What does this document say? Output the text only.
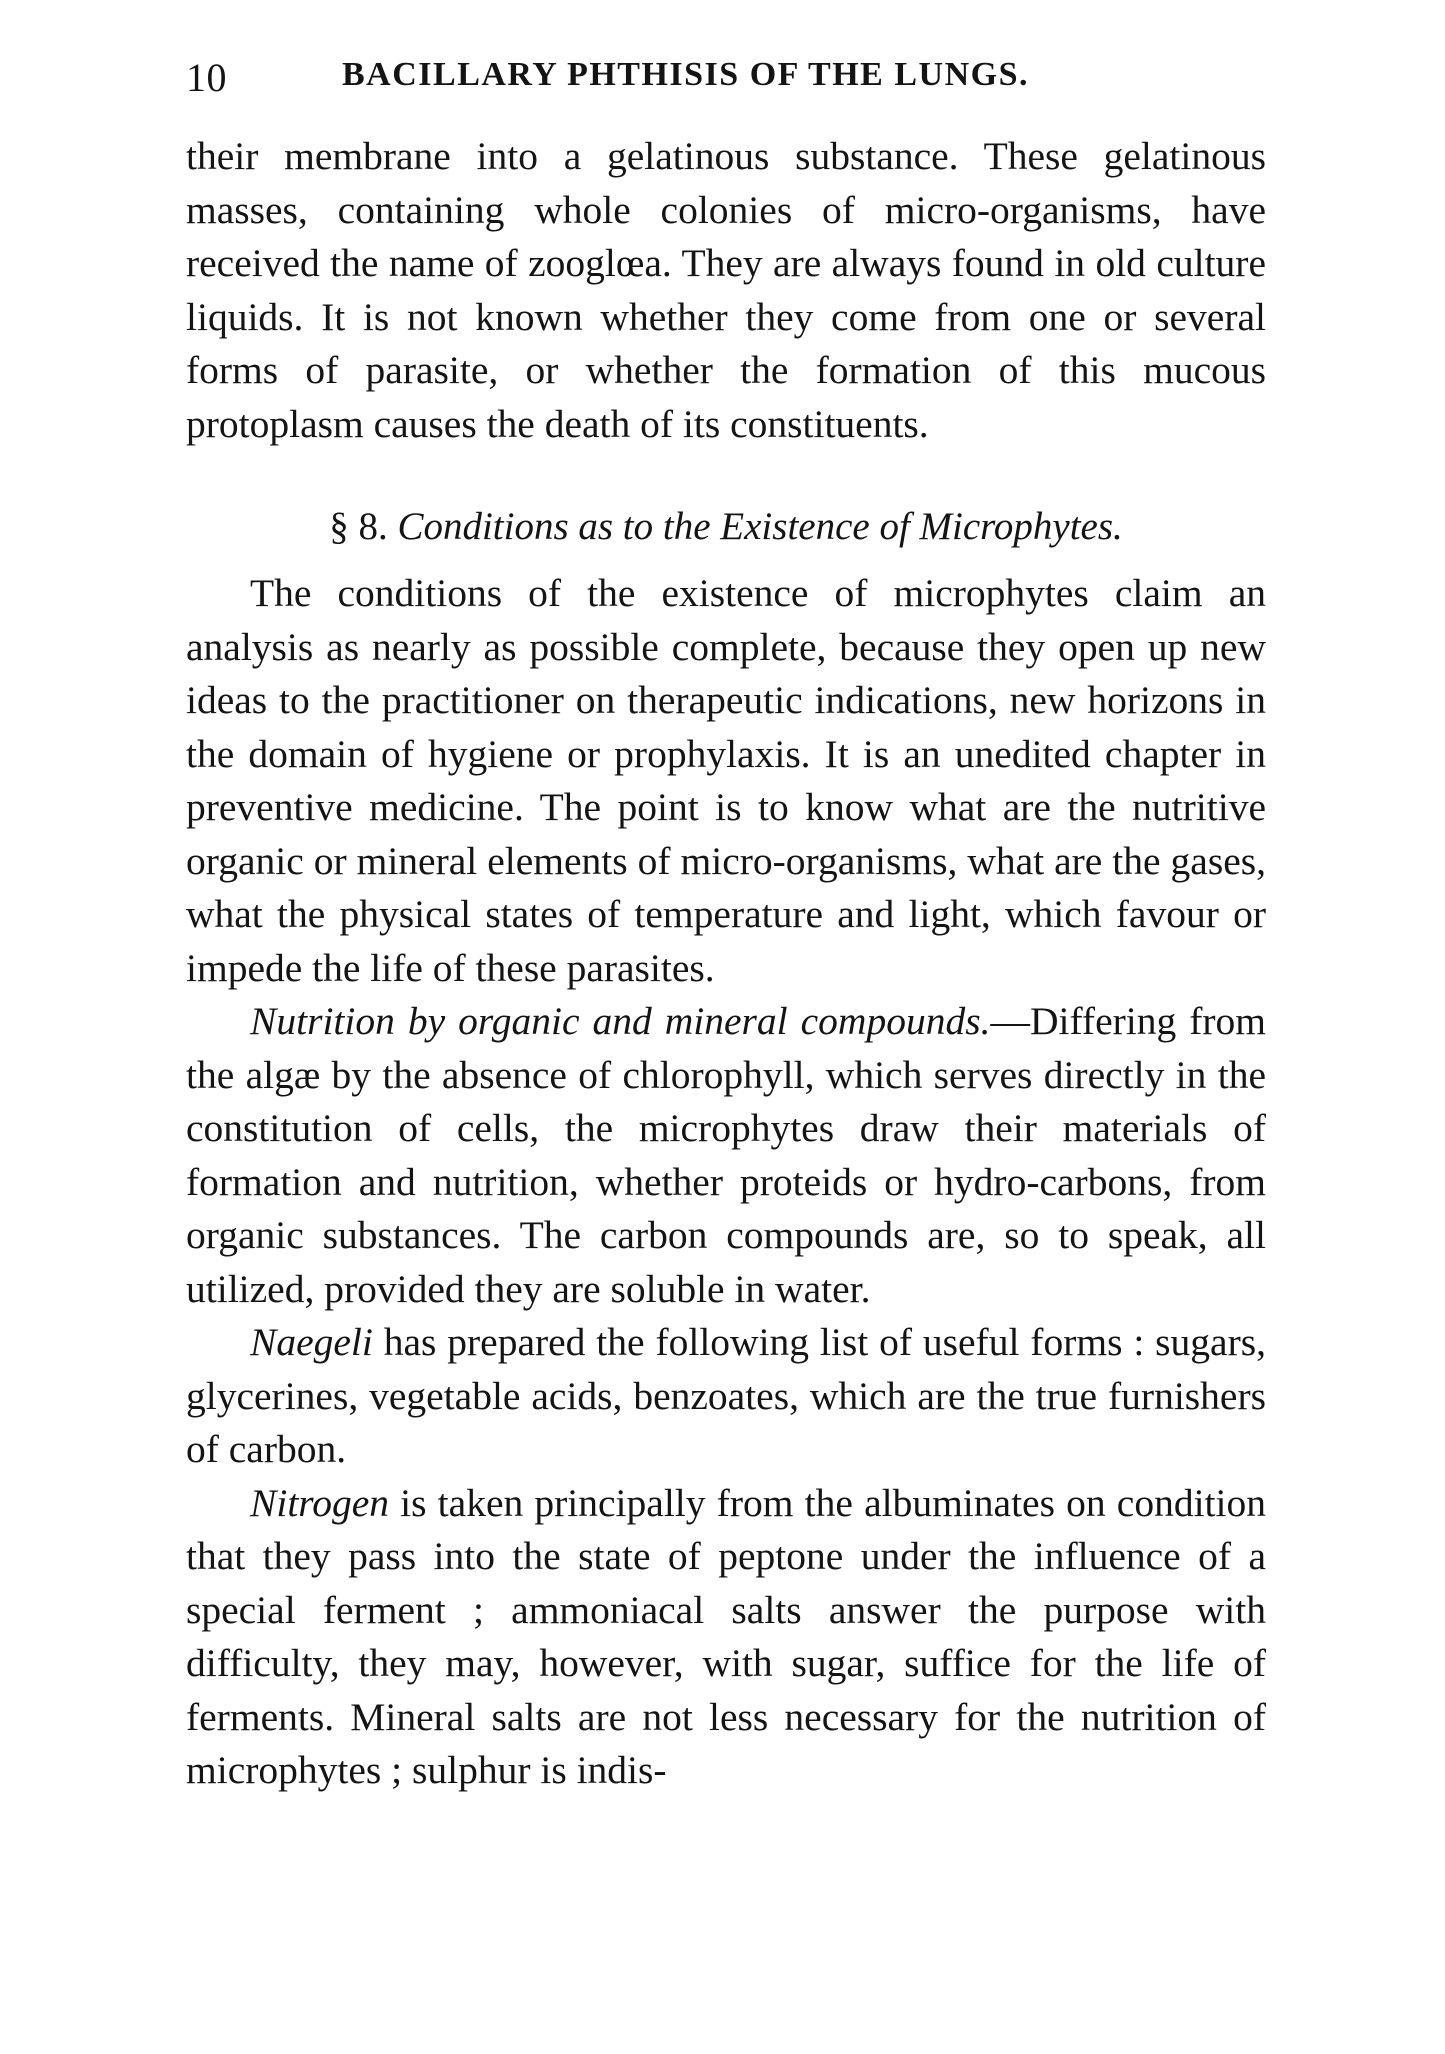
10	BACILLARY PHTHISIS OF THE LUNGS.

their membrane into a gelatinous substance. These gelatinous masses, containing whole colonies of micro-organisms, have received the name of zooglœa. They are always found in old culture liquids. It is not known whether they come from one or several forms of parasite, or whether the formation of this mucous protoplasm causes the death of its constituents.

§ 8. Conditions as to the Existence of Microphytes.

The conditions of the existence of microphytes claim an analysis as nearly as possible complete, because they open up new ideas to the practitioner on therapeutic indications, new horizons in the domain of hygiene or prophylaxis. It is an unedited chapter in preventive medicine. The point is to know what are the nutritive organic or mineral elements of micro-organisms, what are the gases, what the physical states of temperature and light, which favour or impede the life of these parasites.

Nutrition by organic and mineral compounds.—Differing from the algæ by the absence of chlorophyll, which serves directly in the constitution of cells, the microphytes draw their materials of formation and nutrition, whether proteids or hydro-carbons, from organic substances. The carbon compounds are, so to speak, all utilized, provided they are soluble in water.

Naegeli has prepared the following list of useful forms : sugars, glycerines, vegetable acids, benzoates, which are the true furnishers of carbon.

Nitrogen is taken principally from the albuminates on condition that they pass into the state of peptone under the influence of a special ferment ; ammoniacal salts answer the purpose with difficulty, they may, however, with sugar, suffice for the life of ferments. Mineral salts are not less necessary for the nutrition of microphytes ; sulphur is indis-
